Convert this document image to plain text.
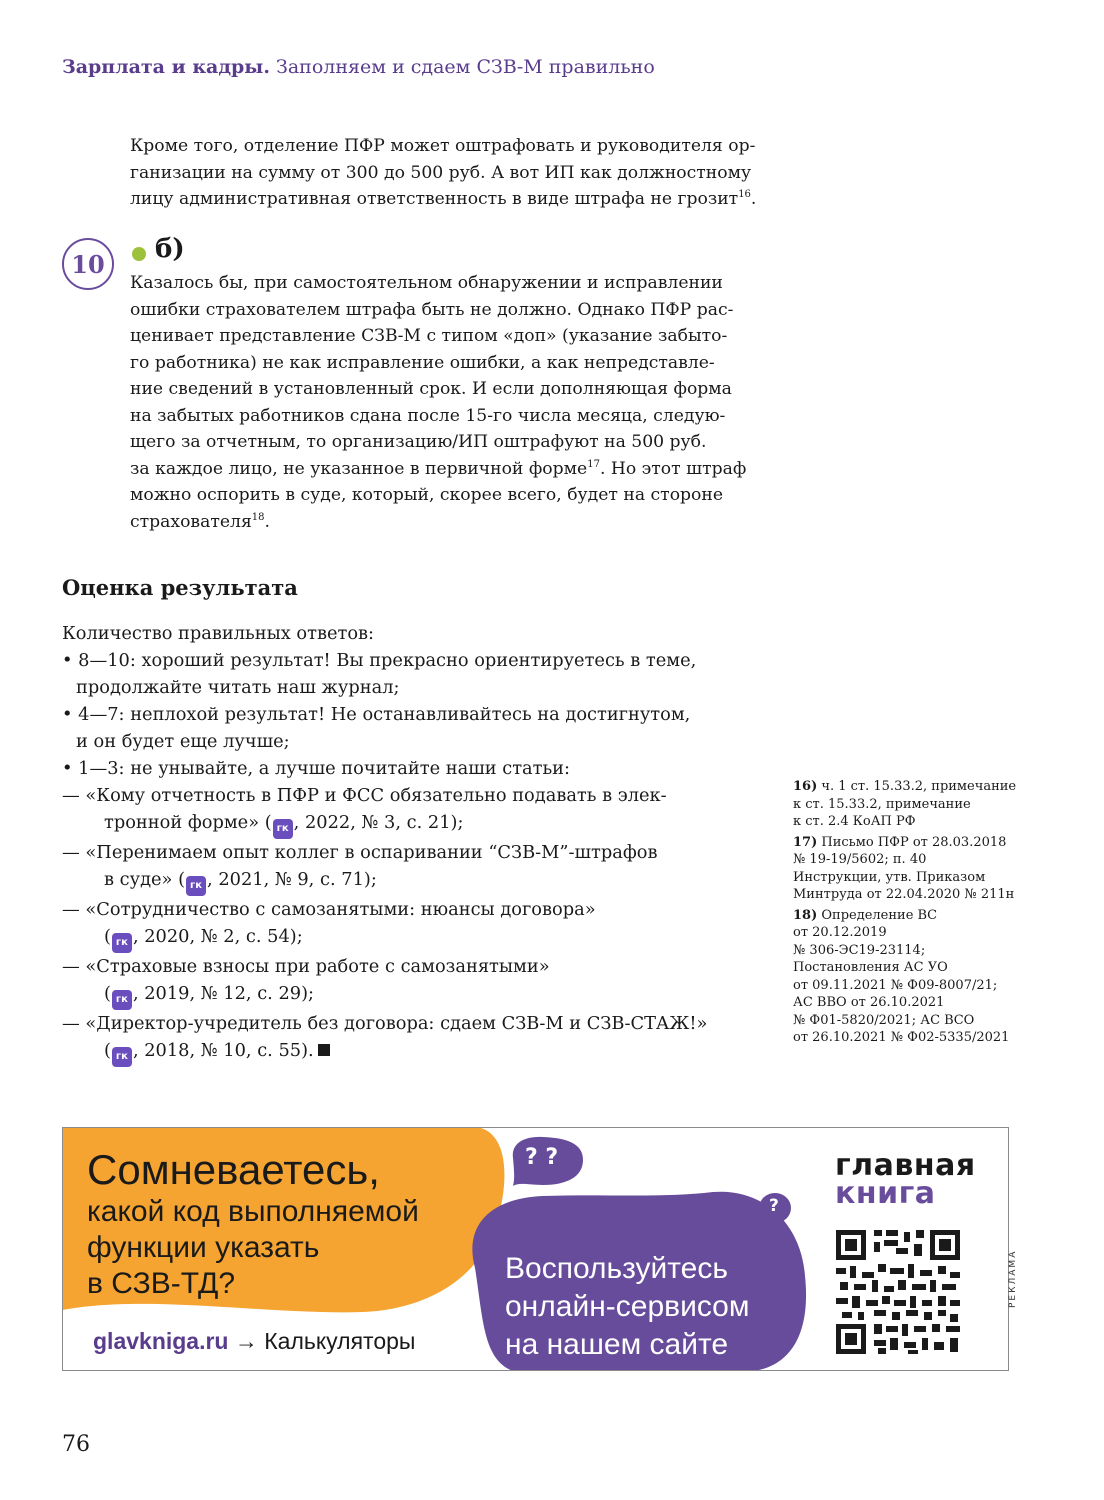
Зарплата и кадры. Заполняем и сдаем СЗВ-М правильно
Кроме того, отделение ПФР может оштрафовать и руководителя ор-
ганизации на сумму от 300 до 500 руб. А вот ИП как должностному
лицу административная ответственность в виде штрафа не грозит$^{16}$.
10 б)
Казалось бы, при самостоятельном обнаружении и исправлении
ошибки страхователем штрафа быть не должно. Однако ПФР рас-
ценивает представление СЗВ-М с типом «доп» (указание забыто-
го работника) не как исправление ошибки, а как непредставле-
ние сведений в установленный срок. И если дополняющая форма
на забытых работников сдана после 15-го числа месяца, следую-
щего за отчетным, то организацию/ИП оштрафуют на 500 руб.
за каждое лицо, не указанное в первичной форме$^{17}$. Но этот штраф
можно оспорить в суде, который, скорее всего, будет на стороне
страхователя$^{18}$.
Оценка результата
Количество правильных ответов:
• 8—10: хороший результат! Вы прекрасно ориентируетесь в теме,
продолжайте читать наш журнал;
• 4—7: неплохой результат! Не останавливайтесь на достигнутом,
и он будет еще лучше;
• 1—3: не унывайте, а лучше почитайте наши статьи:
— «Кому отчетность в ПФР и ФСС обязательно подавать в элек-
тронной форме» ( гк , 2022, № 3, с. 21);
— «Перенимаем опыт коллег в оспаривании “СЗВ-М”-штрафов
в суде» ( гк , 2021, № 9, с. 71);
— «Сотрудничество с самозанятыми: нюансы договора»
( гк , 2020, № 2, с. 54);
— «Страховые взносы при работе с самозанятыми»
( гк , 2019, № 12, с. 29);
— «Директор-учредитель без договора: сдаем СЗВ-М и СЗВ-СТАЖ!»
( гк , 2018, № 10, с. 55).
16) ч. 1 ст. 15.33.2, примечание
к ст. 15.33.2, примечание
к ст. 2.4 КоАП РФ
17) Письмо ПФР от 28.03.2018
№ 19-19/5602; п. 40
Инструкции, утв. Приказом
Минтруда от 22.04.2020 № 211н
18) Определение ВС
от 20.12.2019
№ 306-ЭС19-23114;
Постановления АС УО
от 09.11.2021 № Ф09-8007/21;
АС ВВО от 26.10.2021
№ Ф01-5820/2021; АС ВСО
от 26.10.2021 № Ф02-5335/2021
Сомневаетесь,
какой код выполняемой
функции указать
в СЗВ-ТД?
glavkniga.ru → Калькуляторы
Воспользуйтесь
онлайн-сервисом
на нашем сайте
? ?
?
главная
книга
РЕКЛАМА
76
